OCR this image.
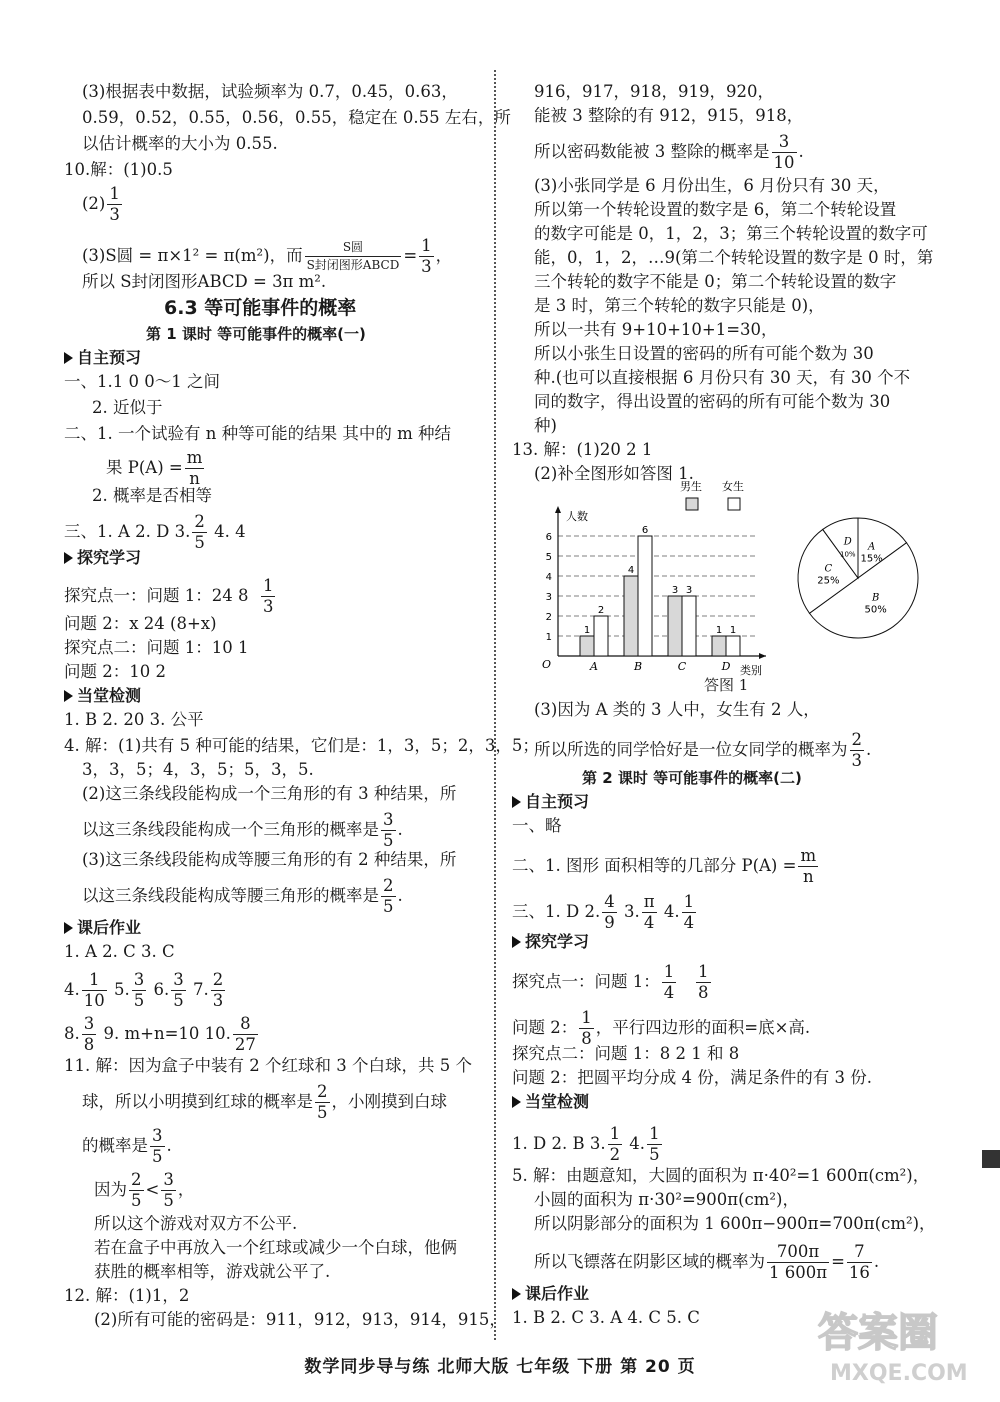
(3)根据表中数据，试验频率为 0.7，0.45，0.63，
0.59，0.52，0.55，0.56，0.55，稳定在 0.55 左右，所
以估计概率的大小为 0.55.
10.解：(1)0.5
$(2) \frac{1}{3}$
(3)S圆 = π×1² = π(m²)，而 $\frac{\text{S圆}}{\text{S封闭图形ABCD}} = \frac{1}{3}$ ，
所以 S封闭图形ABCD = 3π m².
6.3 等可能事件的概率
第 1 课时 等可能事件的概率(一)
自主预习
一、1.1 0 0～1 之间
2. 近似于
二、1. 一个试验有 n 种等可能的结果 其中的 m 种结
果 $P(A) = \frac{m}{n}$
2. 概率是否相等
三、1. A 2. D 3. $\frac{2}{5} 4$. 4
探究学习
探究点一：问题 1：24 $8 \frac{1}{3}$
问题 2：x 24 (8+x)
探究点二：问题 1：10 1
问题 2：10 2
当堂检测
1. B 2. 20 3. 公平
4. 解：(1)共有 5 种可能的结果，它们是：1，3，5；2，3，5；
3，3，5；4，3，5；5，3，5.
(2)这三条线段能构成一个三角形的有 3 种结果，所
以这三条线段能构成一个三角形的概率是 $\frac{3}{5}$ .
(3)这三条线段能构成等腰三角形的有 2 种结果，所
以这三条线段能构成等腰三角形的概率是 $\frac{2}{5}$ .
课后作业
1. A 2. C 3. C
4. $\frac{1}{10} 5$. $\frac{3}{5} 6$. $\frac{3}{5} 7$. $\frac{2}{3}$
8. $\frac{3}{8} 9$. m+n=10 10. $\frac{8}{27}$
11. 解：因为盒子中装有 2 个红球和 3 个白球，共 5 个
球，所以小明摸到红球的概率是 $\frac{2}{5}$ ，小刚摸到白球
的概率是 $\frac{3}{5}$ .
因为 $\frac{2}{5} < \frac{3}{5}$ ，
所以这个游戏对双方不公平.
若在盒子中再放入一个红球或减少一个白球，他俩
获胜的概率相等，游戏就公平了.
12. 解：(1)1，2
(2)所有可能的密码是：911，912，913，914，915，
916，917，918，919，920，
能被 3 整除的有 912，915，918，
所以密码数能被 3 整除的概率是 $\frac{3}{10}$ .
(3)小张同学是 6 月份出生，6 月份只有 30 天，
所以第一个转轮设置的数字是 6，第二个转轮设置
的数字可能是 0，1，2，3；第三个转轮设置的数字可
能，0，1，2，…9(第二个转轮设置的数字是 0 时，第
三个转轮的数字不能是 0；第二个转轮设置的数字
是 3 时，第三个转轮的数字只能是 0)，
所以一共有 9+10+10+1=30，
所以小张生日设置的密码的所有可能个数为 30
种.(也可以直接根据 6 月份只有 30 天，有 30 个不
同的数字，得出设置的密码的所有可能个数为 30
种)
13. 解：(1)20 2 1
(2)补全图形如答图 1.
(3)因为 A 类的 3 人中，女生有 2 人，
所以所选的同学恰好是一位女同学的概率为 $\frac{2}{3}$ .
第 2 课时 等可能事件的概率(二)
自主预习
一、略
二、1. 图形 面积相等的几部分 $P(A) = \frac{m}{n}$
三、1. D 2. $\frac{4}{9} 3$. $\frac{\pi}{4} 4$. $\frac{1}{4}$
探究学习
探究点一：问题 1： $\frac{1}{4}$
$\frac{1}{8}$
问题 2： $\frac{1}{8}$ ，平行四边形的面积=底×高.
探究点二：问题 1：8 2 1 和 8
问题 2：把圆平均分成 4 份，满足条件的有 3 份.
当堂检测
1. D 2. B 3. $\frac{1}{2} 4$. $\frac{1}{5}$
5. 解：由题意知，大圆的面积为 π·40²=1 600π(cm²)，
小圆的面积为 π·30²=900π(cm²)，
所以阴影部分的面积为 1 600π−900π=700π(cm²)，
所以飞镖落在阴影区域的概率为 $\frac{700\pi}{1 600\pi} = \frac{7}{16}$ .
课后作业
1. B 2. C 3. A 4. C 5. C
1
2
3
4
5
6
人数
类别
O
1
2
A
4
6
B
3 3
C
1 1
D
男生 女生
A
15%
B
50%
C
25%
D
10%
答图 1
数学同步导与练 北师大版 七年级 下册 第 20 页
答案圈
MXQE.COM
